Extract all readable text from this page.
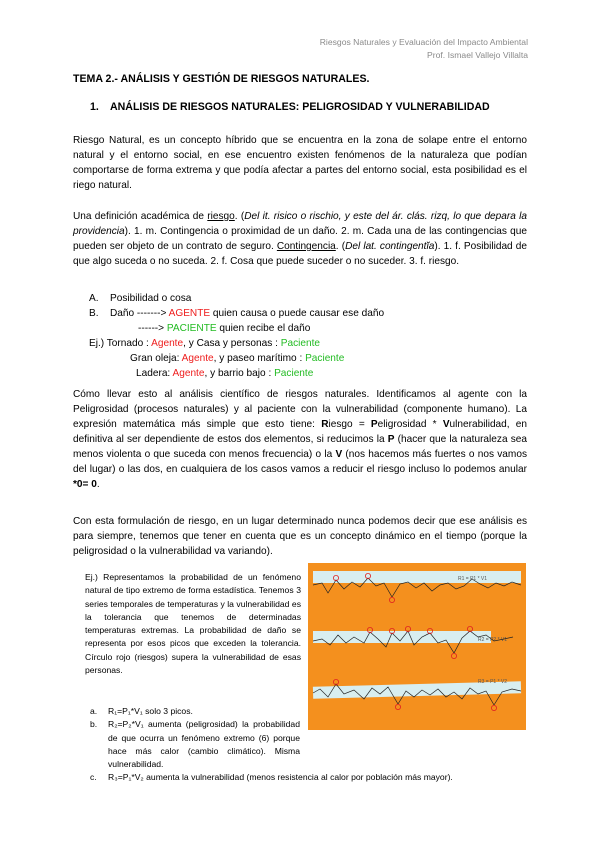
Riesgos Naturales y Evaluación del Impacto Ambiental
Prof. Ismael Vallejo Villalta
TEMA 2.- ANÁLISIS Y GESTIÓN DE RIESGOS NATURALES.
1. ANÁLISIS DE RIESGOS NATURALES: PELIGROSIDAD Y VULNERABILIDAD
Riesgo Natural, es un concepto híbrido que se encuentra en la zona de solape entre el entorno natural y el entorno social, en ese encuentro existen fenómenos de la naturaleza que podían comportarse de forma extrema y que podía afectar a partes del entorno social, esta posibilidad es el riego natural.
Una definición académica de riesgo. (Del it. risico o rischio, y este del ár. clás. rizq, lo que depara la providencia). 1. m. Contingencia o proximidad de un daño. 2. m. Cada una de las contingencias que pueden ser objeto de un contrato de seguro. Contingencia. (Del lat. contingentĭa). 1. f. Posibilidad de que algo suceda o no suceda. 2. f. Cosa que puede suceder o no suceder. 3. f. riesgo.
A. Posibilidad o cosa
B. Daño -------> AGENTE quien causa o puede causar ese daño
------> PACIENTE quien recibe el daño
Ej.) Tornado : Agente, y Casa y personas : Paciente
Gran oleja: Agente, y paseo marítimo : Paciente
Ladera: Agente, y barrio bajo : Paciente
Cómo llevar esto al análisis científico de riesgos naturales. Identificamos al agente con la Peligrosidad (procesos naturales) y al paciente con la vulnerabilidad (componente humano). La expresión matemática más simple que esto tiene: Riesgo = Peligrosidad * Vulnerabilidad, en definitiva al ser dependiente de estos dos elementos, si reducimos la P (hacer que la naturaleza sea menos violenta o que suceda con menos frecuencia) o la V (nos hacemos más fuertes o nos vamos del lugar) o las dos, en cualquiera de los casos vamos a reducir el riesgo incluso lo podemos anular *0= 0.
Con esta formulación de riesgo, en un lugar determinado nunca podemos decir que ese análisis es para siempre, tenemos que tener en cuenta que es un concepto dinámico en el tiempo (porque la peligrosidad o la vulnerabilidad va variando).
Ej.) Representamos la probabilidad de un fenómeno natural de tipo extremo de forma estadística. Tenemos 3 series temporales de temperaturas y la vulnerabilidad es la tolerancia que tenemos de determinadas temperaturas extremas. La probabilidad de daño se representa por esos picos que exceden la tolerancia. Círculo rojo (riesgos) supera la vulnerabilidad de esas personas.
R1 = P1 * V1
R2 = P2 * V1
R3 = P1 * V2
a. R₁=P₁*V₁ solo 3 picos.
b. R₂=P₂*V₁ aumenta (peligrosidad) la probabilidad de que ocurra un fenómeno extremo (6) porque hace más calor (cambio climático). Misma vulnerabilidad.
c. R₃=P₁*V₂ aumenta la vulnerabilidad (menos resistencia al calor por población más mayor).
